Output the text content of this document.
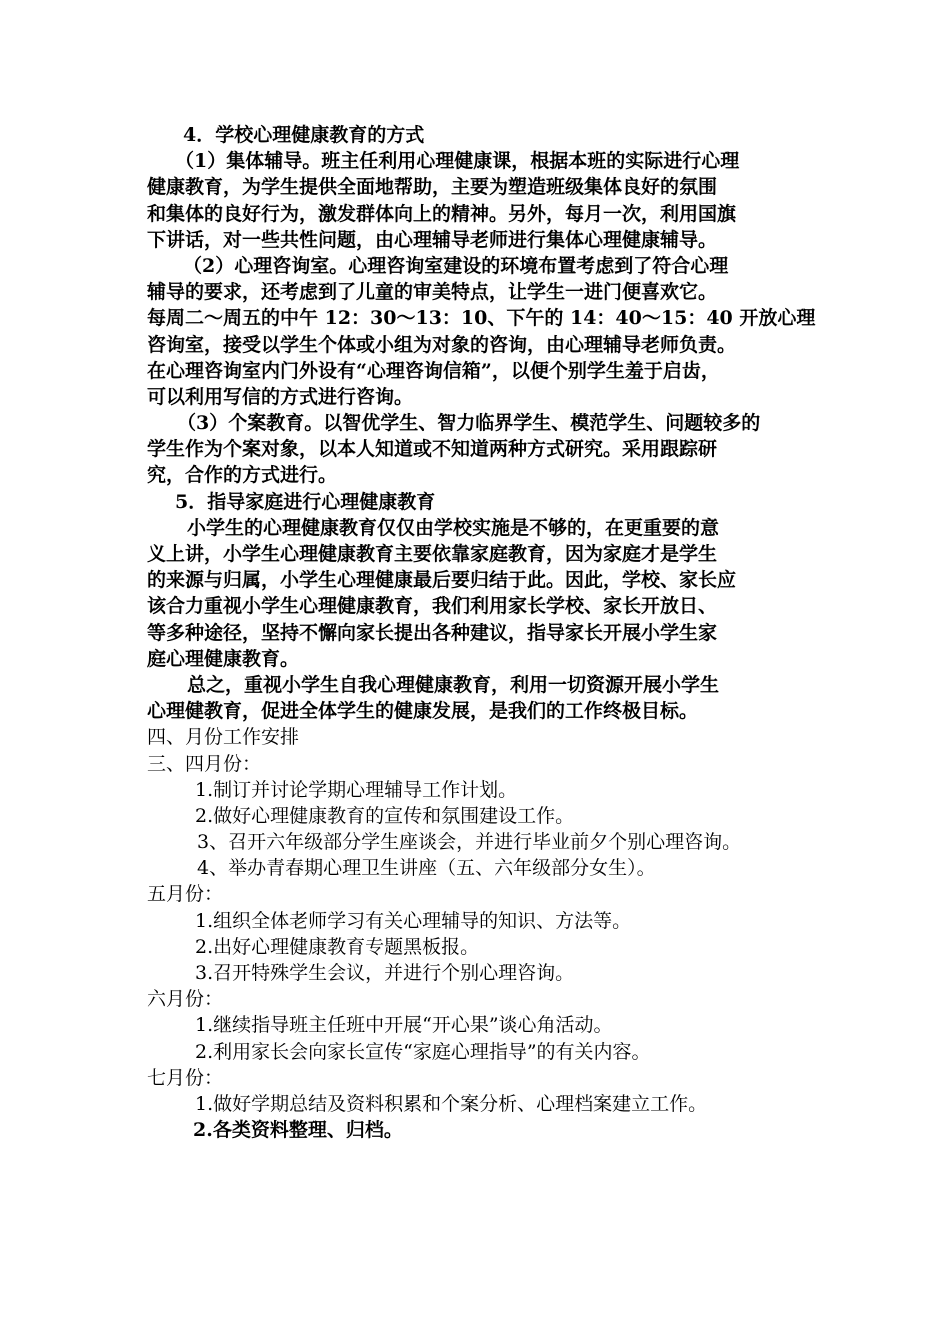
4．学校心理健康教育的方式
（1）集体辅导。班主任利用心理健康课，根据本班的实际进行心理
健康教育，为学生提供全面地帮助，主要为塑造班级集体良好的氛围
和集体的良好行为，激发群体向上的精神。另外，每月一次，利用国旗
下讲话，对一些共性问题，由心理辅导老师进行集体心理健康辅导。
（2）心理咨询室。心理咨询室建设的环境布置考虑到了符合心理
辅导的要求，还考虑到了儿童的审美特点，让学生一进门便喜欢它。
每周二～周五的中午 12：30～13：10、下午的 14：40～15：40 开放心理
咨询室，接受以学生个体或小组为对象的咨询，由心理辅导老师负责。
在心理咨询室内门外设有“心理咨询信箱”，以便个别学生羞于启齿，
可以利用写信的方式进行咨询。
（3）个案教育。以智优学生、智力临界学生、模范学生、问题较多的
学生作为个案对象，以本人知道或不知道两种方式研究。采用跟踪研
究，合作的方式进行。
5．指导家庭进行心理健康教育
小学生的心理健康教育仅仅由学校实施是不够的，在更重要的意
义上讲，小学生心理健康教育主要依靠家庭教育，因为家庭才是学生
的来源与归属，小学生心理健康最后要归结于此。因此，学校、家长应
该合力重视小学生心理健康教育，我们利用家长学校、家长开放日、
等多种途径，坚持不懈向家长提出各种建议，指导家长开展小学生家
庭心理健康教育。
总之，重视小学生自我心理健康教育，利用一切资源开展小学生
心理健教育，促进全体学生的健康发展，是我们的工作终极目标。
四、月份工作安排
三、四月份：
1.制订并讨论学期心理辅导工作计划。
2.做好心理健康教育的宣传和氛围建设工作。
3、召开六年级部分学生座谈会，并进行毕业前夕个别心理咨询。
4、举办青春期心理卫生讲座（五、六年级部分女生）。
五月份：
1.组织全体老师学习有关心理辅导的知识、方法等。
2.出好心理健康教育专题黑板报。
3.召开特殊学生会议，并进行个别心理咨询。
六月份：
1.继续指导班主任班中开展“开心果”谈心角活动。
2.利用家长会向家长宣传“家庭心理指导”的有关内容。
七月份：
1.做好学期总结及资料积累和个案分析、心理档案建立工作。
2.各类资料整理、归档。
